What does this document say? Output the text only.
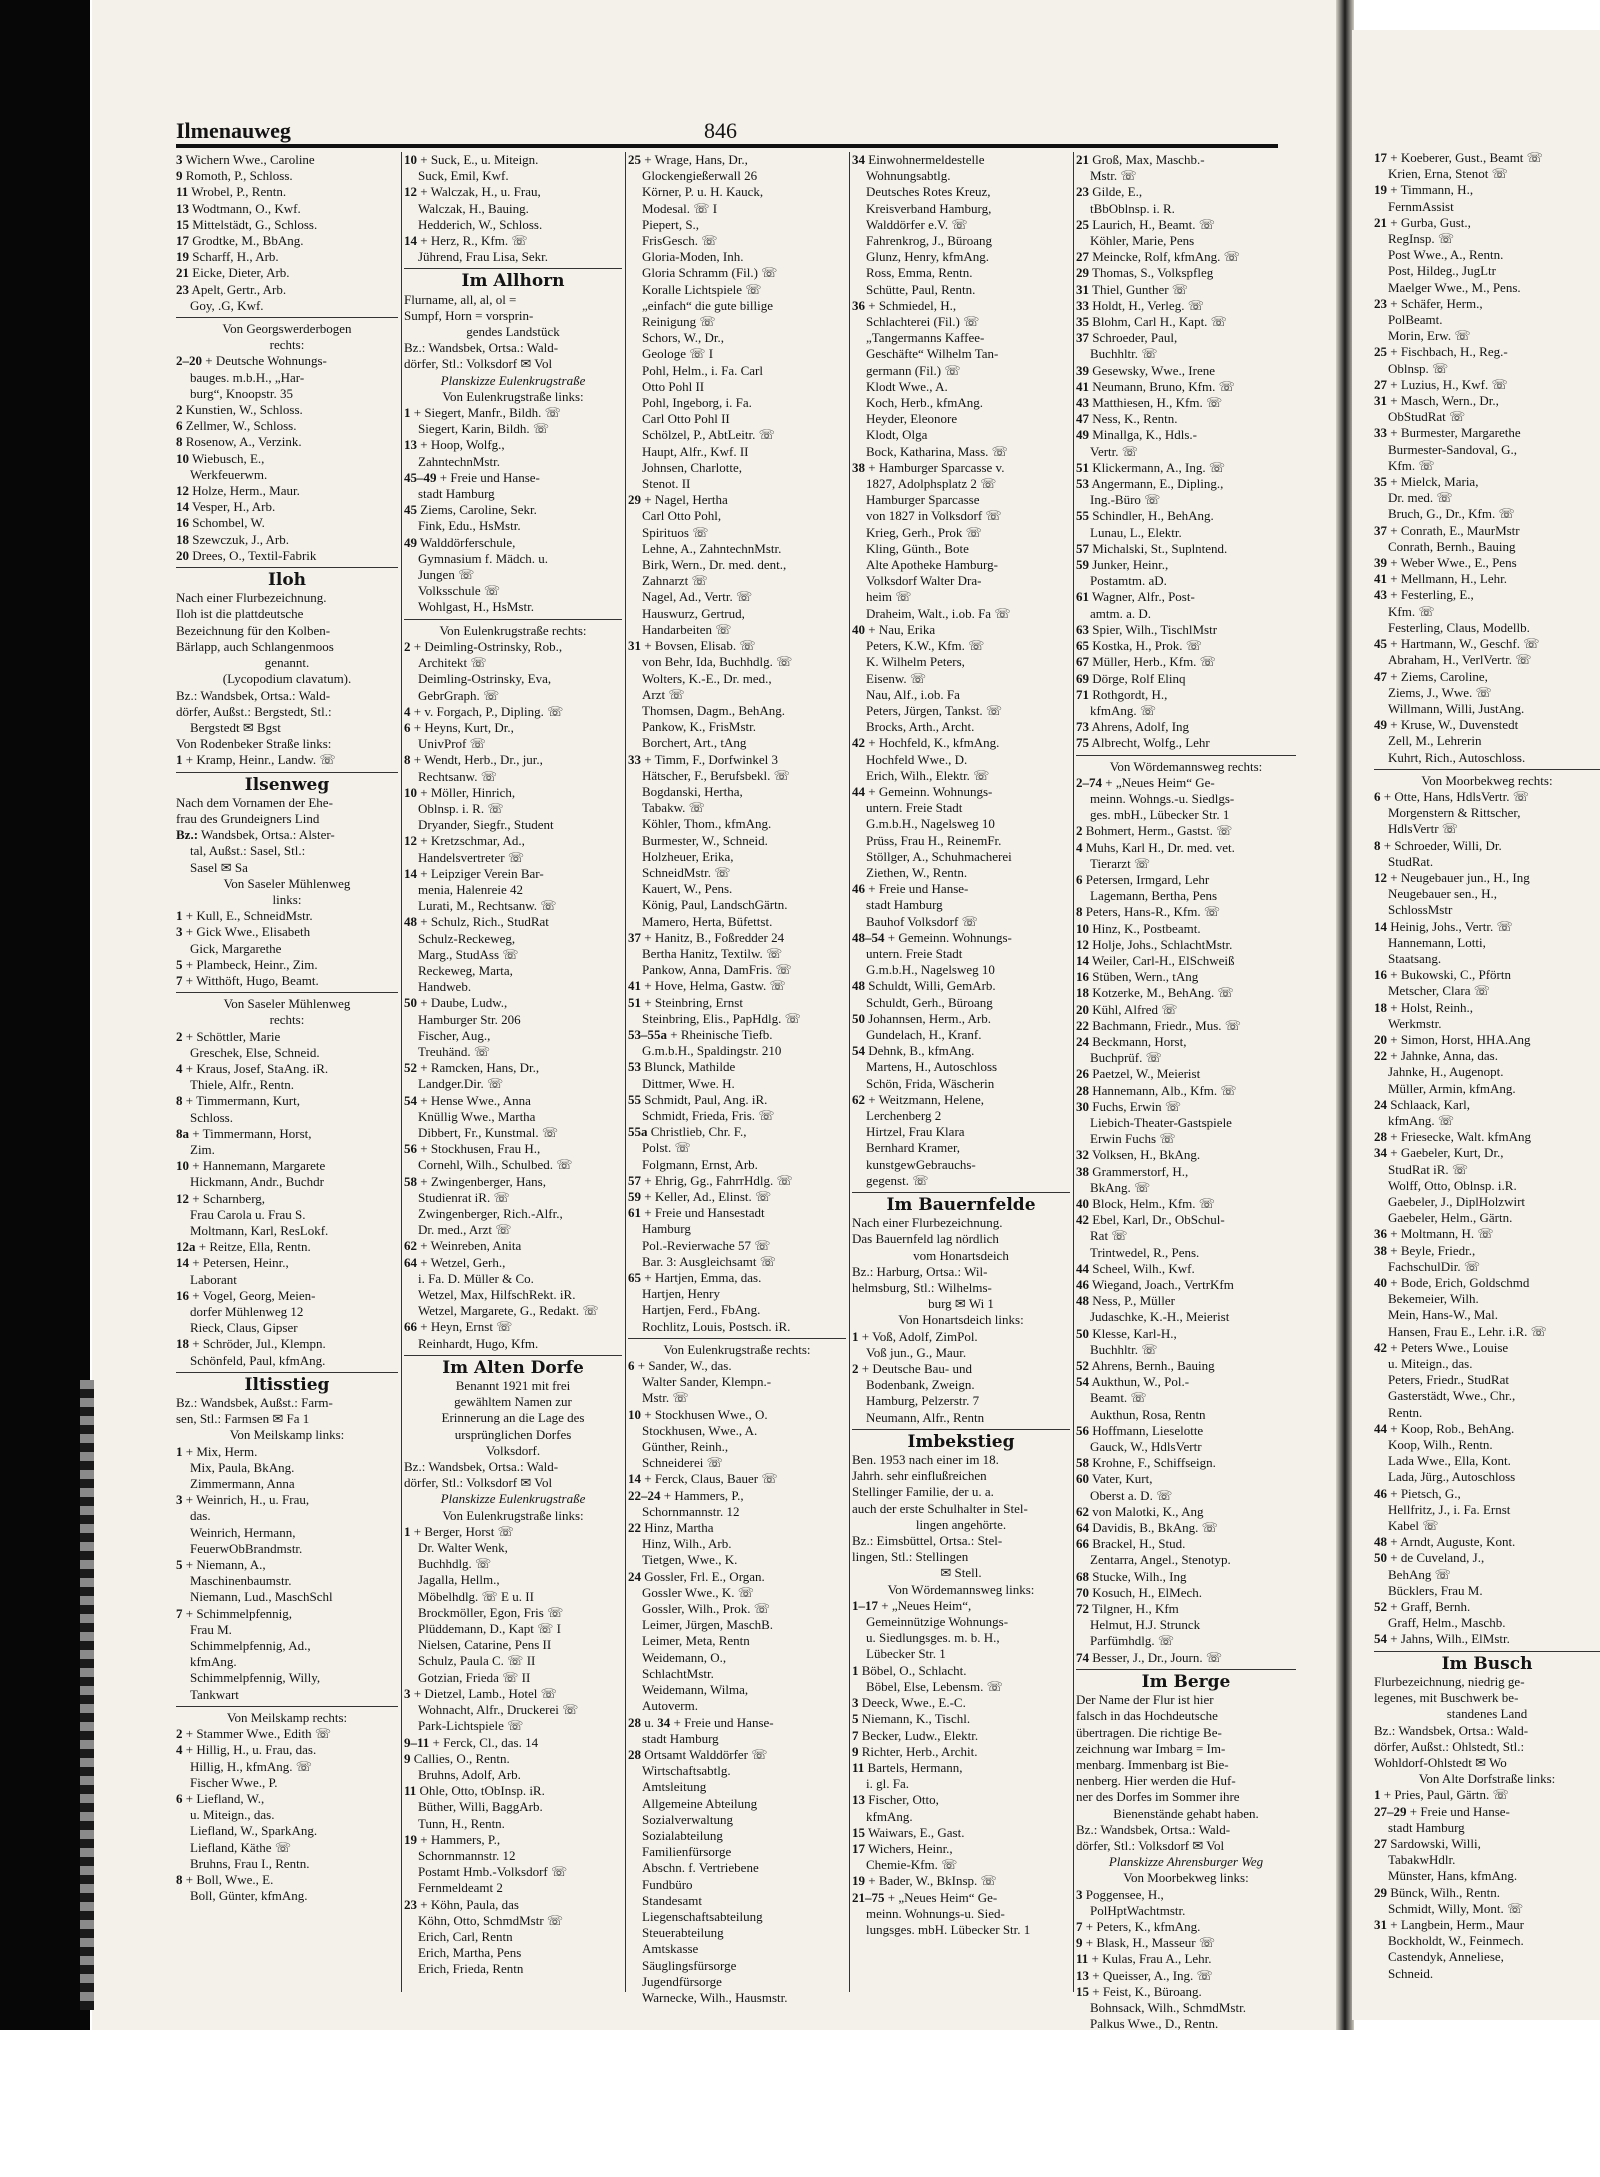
Ilmenauweg	846
3 Wichern Wwe., Caroline
9 Romoth, P., Schloss.
11 Wrobel, P., Rentn.
13 Wodtmann, O., Kwf.
15 Mittelstädt, G., Schloss.
17 Grodtke, M., BbAng.
19 Scharff, H., Arb.
21 Eicke, Dieter, Arb.
23 Apelt, Gertr., Arb.
Goy, .G, Kwf.
Von Georgswerderbogen
rechts:
2–20 + Deutsche Wohnungs-
bauges. m.b.H., „Har-
burg“, Knoopstr. 35
2 Kunstien, W., Schloss.
6 Zellmer, W., Schloss.
8 Rosenow, A., Verzink.
10 Wiebusch, E.,
Werkfeuerwm.
12 Holze, Herm., Maur.
14 Vesper, H., Arb.
16 Schombel, W.
18 Szewczuk, J., Arb.
20 Drees, O., Textil-Fabrik
Iloh
Nach einer Flurbezeichnung.
Iloh ist die plattdeutsche
Bezeichnung für den Kolben-
Bärlapp, auch Schlangenmoos
genannt.
(Lycopodium clavatum).
Bz.: Wandsbek, Ortsa.: Wald-
dörfer, Außst.: Bergstedt, Stl.:
Bergstedt ✉ Bgst
Von Rodenbeker Straße links:
1 + Kramp, Heinr., Landw. ☏
Ilsenweg
Nach dem Vornamen der Ehe-
frau des Grundeigners Lind
Bz.: Wandsbek, Ortsa.: Alster-
tal, Außst.: Sasel, Stl.:
Sasel ✉ Sa
Von Saseler Mühlenweg
links:
1 + Kull, E., SchneidMstr.
3 + Gick Wwe., Elisabeth
Gick, Margarethe
5 + Plambeck, Heinr., Zim.
7 + Witthöft, Hugo, Beamt.
Von Saseler Mühlenweg
rechts:
2 + Schöttler, Marie
Greschek, Else, Schneid.
4 + Kraus, Josef, StaAng. iR.
Thiele, Alfr., Rentn.
8 + Timmermann, Kurt,
Schloss.
8a + Timmermann, Horst,
Zim.
10 + Hannemann, Margarete
Hickmann, Andr., Buchdr
12 + Scharnberg,
Frau Carola u. Frau S.
Moltmann, Karl, ResLokf.
12a + Reitze, Ella, Rentn.
14 + Petersen, Heinr.,
Laborant
16 + Vogel, Georg, Meien-
dorfer Mühlenweg 12
Rieck, Claus, Gipser
18 + Schröder, Jul., Klempn.
Schönfeld, Paul, kfmAng.
Iltisstieg
Bz.: Wandsbek, Außst.: Farm-
sen, Stl.: Farmsen ✉ Fa 1
Von Meilskamp links:
1 + Mix, Herm.
Mix, Paula, BkAng.
Zimmermann, Anna
3 + Weinrich, H., u. Frau,
das.
Weinrich, Hermann,
FeuerwObBrandmstr.
5 + Niemann, A.,
Maschinenbaumstr.
Niemann, Lud., MaschSchl
7 + Schimmelpfennig,
Frau M.
Schimmelpfennig, Ad.,
kfmAng.
Schimmelpfennig, Willy,
Tankwart
Von Meilskamp rechts:
2 + Stammer Wwe., Edith ☏
4 + Hillig, H., u. Frau, das.
Hillig, H., kfmAng. ☏
Fischer Wwe., P.
6 + Liefland, W.,
u. Miteign., das.
Liefland, W., SparkAng.
Liefland, Käthe ☏
Bruhns, Frau I., Rentn.
8 + Boll, Wwe., E.
Boll, Günter, kfmAng.
10 + Suck, E., u. Miteign.
Suck, Emil, Kwf.
12 + Walczak, H., u. Frau,
Walczak, H., Bauing.
Hedderich, W., Schloss.
14 + Herz, R., Kfm. ☏
Jührend, Frau Lisa, Sekr.
Im Allhorn
Flurname, all, al, ol =
Sumpf, Horn = vorsprin-
gendes Landstück
Bz.: Wandsbek, Ortsa.: Wald-
dörfer, Stl.: Volksdorf ✉ Vol
Planskizze Eulenkrugstraße
Von Eulenkrugstraße links:
1 + Siegert, Manfr., Bildh. ☏
Siegert, Karin, Bildh. ☏
13 + Hoop, Wolfg.,
ZahntechnMstr.
45–49 + Freie und Hanse-
stadt Hamburg
45 Ziems, Caroline, Sekr.
Fink, Edu., HsMstr.
49 Walddörferschule,
Gymnasium f. Mädch. u.
Jungen ☏
Volksschule ☏
Wohlgast, H., HsMstr.
Von Eulenkrugstraße rechts:
2 + Deimling-Ostrinsky, Rob.,
Architekt ☏
Deimling-Ostrinsky, Eva,
GebrGraph. ☏
4 + v. Forgach, P., Dipling. ☏
6 + Heyns, Kurt, Dr.,
UnivProf ☏
8 + Wendt, Herb., Dr., jur.,
Rechtsanw. ☏
10 + Möller, Hinrich,
Oblnsp. i. R. ☏
Dryander, Siegfr., Student
12 + Kretzschmar, Ad.,
Handelsvertreter ☏
14 + Leipziger Verein Bar-
menia, Halenreie 42
Lurati, M., Rechtsanw. ☏
48 + Schulz, Rich., StudRat
Schulz-Reckeweg,
Marg., StudAss ☏
Reckeweg, Marta,
Handweb.
50 + Daube, Ludw.,
Hamburger Str. 206
Fischer, Aug.,
Treuhänd. ☏
52 + Ramcken, Hans, Dr.,
Landger.Dir. ☏
54 + Hense Wwe., Anna
Knüllig Wwe., Martha
Dibbert, Fr., Kunstmal. ☏
56 + Stockhusen, Frau H.,
Cornehl, Wilh., Schulbed. ☏
58 + Zwingenberger, Hans,
Studienrat iR. ☏
Zwingenberger, Rich.-Alfr.,
Dr. med., Arzt ☏
62 + Weinreben, Anita
64 + Wetzel, Gerh.,
i. Fa. D. Müller & Co.
Wetzel, Max, HilfschRekt. iR.
Wetzel, Margarete, G., Redakt. ☏
66 + Heyn, Ernst ☏
Reinhardt, Hugo, Kfm.
Im Alten Dorfe
Benannt 1921 mit frei
gewähltem Namen zur
Erinnerung an die Lage des
ursprünglichen Dorfes
Volksdorf.
Bz.: Wandsbek, Ortsa.: Wald-
dörfer, Stl.: Volksdorf ✉ Vol
Planskizze Eulenkrugstraße
Von Eulenkrugstraße links:
1 + Berger, Horst ☏
Dr. Walter Wenk,
Buchhdlg. ☏
Jagalla, Hellm.,
Möbelhdlg. ☏ E u. II
Brockmöller, Egon, Fris ☏
Plüddemann, D., Kapt ☏ I
Nielsen, Catarine, Pens II
Schulz, Paula C. ☏ II
Gotzian, Frieda ☏ II
3 + Dietzel, Lamb., Hotel ☏
Wohnacht, Alfr., Druckerei ☏
Park-Lichtspiele ☏
9–11 + Ferck, Cl., das. 14
9 Callies, O., Rentn.
Bruhns, Adolf, Arb.
11 Ohle, Otto, tObInsp. iR.
Büther, Willi, BaggArb.
Tunn, H., Rentn.
19 + Hammers, P.,
Schornmannstr. 12
Postamt Hmb.-Volksdorf ☏
Fernmeldeamt 2
23 + Köhn, Paula, das
Köhn, Otto, SchmdMstr ☏
Erich, Carl, Rentn
Erich, Martha, Pens
Erich, Frieda, Rentn
25 + Wrage, Hans, Dr.,
Glockengießerwall 26
Körner, P. u. H. Kauck,
Modesal. ☏ I
Piepert, S.,
FrisGesch. ☏
Gloria-Moden, Inh.
Gloria Schramm (Fil.) ☏
Koralle Lichtspiele ☏
„einfach“ die gute billige
Reinigung ☏
Schors, W., Dr.,
Geologe ☏ I
Pohl, Helm., i. Fa. Carl
Otto Pohl II
Pohl, Ingeborg, i. Fa.
Carl Otto Pohl II
Schölzel, P., AbtLeitr. ☏
Haupt, Alfr., Kwf. II
Johnsen, Charlotte,
Stenot. II
29 + Nagel, Hertha
Carl Otto Pohl,
Spirituos ☏
Lehne, A., ZahntechnMstr.
Birk, Wern., Dr. med. dent.,
Zahnarzt ☏
Nagel, Ad., Vertr. ☏
Hauswurz, Gertrud,
Handarbeiten ☏
31 + Bovsen, Elisab. ☏
von Behr, Ida, Buchhdlg. ☏
Wolters, K.-E., Dr. med.,
Arzt ☏
Thomsen, Dagm., BehAng.
Pankow, K., FrisMstr.
Borchert, Art., tAng
33 + Timm, F., Dorfwinkel 3
Hätscher, F., Berufsbekl. ☏
Bogdanski, Hertha,
Tabakw. ☏
Köhler, Thom., kfmAng.
Burmester, W., Schneid.
Holzheuer, Erika,
SchneidMstr. ☏
Kauert, W., Pens.
König, Paul, LandschGärtn.
Mamero, Herta, Büfettst.
37 + Hanitz, B., Foßredder 24
Bertha Hanitz, Textilw. ☏
Pankow, Anna, DamFris. ☏
41 + Hove, Helma, Gastw. ☏
51 + Steinbring, Ernst
Steinbring, Elis., PapHdlg. ☏
53–55a + Rheinische Tiefb.
G.m.b.H., Spaldingstr. 210
53 Blunck, Mathilde
Dittmer, Wwe. H.
55 Schmidt, Paul, Ang. iR.
Schmidt, Frieda, Fris. ☏
55a Christlieb, Chr. F.,
Polst. ☏
Folgmann, Ernst, Arb.
57 + Ehrig, Gg., FahrrHdlg. ☏
59 + Keller, Ad., Elinst. ☏
61 + Freie und Hansestadt
Hamburg
Pol.-Revierwache 57 ☏
Bar. 3: Ausgleichsamt ☏
65 + Hartjen, Emma, das.
Hartjen, Henry
Hartjen, Ferd., FbAng.
Rochlitz, Louis, Postsch. iR.
Von Eulenkrugstraße rechts:
6 + Sander, W., das.
Walter Sander, Klempn.-
Mstr. ☏
10 + Stockhusen Wwe., O.
Stockhusen, Wwe., A.
Günther, Reinh.,
Schneiderei ☏
14 + Ferck, Claus, Bauer ☏
22–24 + Hammers, P.,
Schornmannstr. 12
22 Hinz, Martha
Hinz, Wilh., Arb.
Tietgen, Wwe., K.
24 Gossler, Frl. E., Organ.
Gossler Wwe., K. ☏
Gossler, Wilh., Prok. ☏
Leimer, Jürgen, MaschB.
Leimer, Meta, Rentn
Weidemann, O.,
SchlachtMstr.
Weidemann, Wilma,
Autoverm.
28 u. 34 + Freie und Hanse-
stadt Hamburg
28 Ortsamt Walddörfer ☏
Wirtschaftsabtlg.
Amtsleitung
Allgemeine Abteilung
Sozialverwaltung
Sozialabteilung
Familienfürsorge
Abschn. f. Vertriebene
Fundbüro
Standesamt
Liegenschaftsabteilung
Steuerabteilung
Amtskasse
Säuglingsfürsorge
Jugendfürsorge
Warnecke, Wilh., Hausmstr.
34 Einwohnermeldestelle
Wohnungsabtlg.
Deutsches Rotes Kreuz,
Kreisverband Hamburg,
Walddörfer e.V. ☏
Fahrenkrog, J., Büroang
Glunz, Henry, kfmAng.
Ross, Emma, Rentn.
Schütte, Paul, Rentn.
36 + Schmiedel, H.,
Schlachterei (Fil.) ☏
„Tangermanns Kaffee-
Geschäfte“ Wilhelm Tan-
germann (Fil.) ☏
Klodt Wwe., A.
Koch, Herb., kfmAng.
Heyder, Eleonore
Klodt, Olga
Bock, Katharina, Mass. ☏
38 + Hamburger Sparcasse v.
1827, Adolphsplatz 2 ☏
Hamburger Sparcasse
von 1827 in Volksdorf ☏
Krieg, Gerh., Prok ☏
Kling, Günth., Bote
Alte Apotheke Hamburg-
Volksdorf Walter Dra-
heim ☏
Draheim, Walt., i.ob. Fa ☏
40 + Nau, Erika
Peters, K.W., Kfm. ☏
K. Wilhelm Peters,
Eisenw. ☏
Nau, Alf., i.ob. Fa
Peters, Jürgen, Tankst. ☏
Brocks, Arth., Archt.
42 + Hochfeld, K., kfmAng.
Hochfeld Wwe., D.
Erich, Wilh., Elektr. ☏
44 + Gemeinn. Wohnungs-
untern. Freie Stadt
G.m.b.H., Nagelsweg 10
Prüss, Frau H., ReinemFr.
Stöllger, A., Schuhmacherei
Ziethen, W., Rentn.
46 + Freie und Hanse-
stadt Hamburg
Bauhof Volksdorf ☏
48–54 + Gemeinn. Wohnungs-
untern. Freie Stadt
G.m.b.H., Nagelsweg 10
48 Schuldt, Willi, GemArb.
Schuldt, Gerh., Büroang
50 Johannsen, Herm., Arb.
Gundelach, H., Kranf.
54 Dehnk, B., kfmAng.
Martens, H., Autoschloss
Schön, Frida, Wäscherin
62 + Weitzmann, Helene,
Lerchenberg 2
Hirtzel, Frau Klara
Bernhard Kramer,
kunstgewGebrauchs-
gegenst. ☏
Im Bauernfelde
Nach einer Flurbezeichnung.
Das Bauernfeld lag nördlich
vom Honartsdeich
Bz.: Harburg, Ortsa.: Wil-
helmsburg, Stl.: Wilhelms-
burg ✉ Wi 1
Von Honartsdeich links:
1 + Voß, Adolf, ZimPol.
Voß jun., G., Maur.
2 + Deutsche Bau- und
Bodenbank, Zweign.
Hamburg, Pelzerstr. 7
Neumann, Alfr., Rentn
Imbekstieg
Ben. 1953 nach einer im 18.
Jahrh. sehr einflußreichen
Stellinger Familie, der u. a.
auch der erste Schulhalter in Stel-
lingen angehörte.
Bz.: Eimsbüttel, Ortsa.: Stel-
lingen, Stl.: Stellingen
✉ Stell.
Von Wördemannsweg links:
1–17 + „Neues Heim“,
Gemeinnützige Wohnungs-
u. Siedlungsges. m. b. H.,
Lübecker Str. 1
1 Böbel, O., Schlacht.
Böbel, Else, Lebensm. ☏
3 Deeck, Wwe., E.-C.
5 Niemann, K., Tischl.
7 Becker, Ludw., Elektr.
9 Richter, Herb., Archit.
11 Bartels, Hermann,
i. gl. Fa.
13 Fischer, Otto,
kfmAng.
15 Waiwars, E., Gast.
17 Wichers, Heinr.,
Chemie-Kfm. ☏
19 + Bader, W., BkInsp. ☏
21–75 + „Neues Heim“ Ge-
meinn. Wohnungs-u. Sied-
lungsges. mbH. Lübecker Str. 1
21 Groß, Max, Maschb.-
Mstr. ☏
23 Gilde, E.,
tBbOblnsp. i. R.
25 Laurich, H., Beamt. ☏
Köhler, Marie, Pens
27 Meincke, Rolf, kfmAng. ☏
29 Thomas, S., Volkspfleg
31 Thiel, Gunther ☏
33 Holdt, H., Verleg. ☏
35 Blohm, Carl H., Kapt. ☏
37 Schroeder, Paul,
Buchhltr. ☏
39 Gesewsky, Wwe., Irene
41 Neumann, Bruno, Kfm. ☏
43 Matthiesen, H., Kfm. ☏
47 Ness, K., Rentn.
49 Minallga, K., Hdls.-
Vertr. ☏
51 Klickermann, A., Ing. ☏
53 Angermann, E., Dipling.,
Ing.-Büro ☏
55 Schindler, H., BehAng.
Lunau, L., Elektr.
57 Michalski, St., Suplntend.
59 Junker, Heinr.,
Postamtm. aD.
61 Wagner, Alfr., Post-
amtm. a. D.
63 Spier, Wilh., TischlMstr
65 Kostka, H., Prok. ☏
67 Müller, Herb., Kfm. ☏
69 Dörge, Rolf Elinq
71 Rothgordt, H.,
kfmAng. ☏
73 Ahrens, Adolf, Ing
75 Albrecht, Wolfg., Lehr
Von Wördemannsweg rechts:
2–74 + „Neues Heim“ Ge-
meinn. Wohngs.-u. Siedlgs-
ges. mbH., Lübecker Str. 1
2 Bohmert, Herm., Gastst. ☏
4 Muhs, Karl H., Dr. med. vet.
Tierarzt ☏
6 Petersen, Irmgard, Lehr
Lagemann, Bertha, Pens
8 Peters, Hans-R., Kfm. ☏
10 Hinz, K., Postbeamt.
12 Holje, Johs., SchlachtMstr.
14 Weiler, Carl-H., ElSchweiß
16 Stüben, Wern., tAng
18 Kotzerke, M., BehAng. ☏
20 Kühl, Alfred ☏
22 Bachmann, Friedr., Mus. ☏
24 Beckmann, Horst,
Buchprüf. ☏
26 Paetzel, W., Meierist
28 Hannemann, Alb., Kfm. ☏
30 Fuchs, Erwin ☏
Liebich-Theater-Gastspiele
Erwin Fuchs ☏
32 Volksen, H., BkAng.
38 Grammerstorf, H.,
BkAng. ☏
40 Block, Helm., Kfm. ☏
42 Ebel, Karl, Dr., ObSchul-
Rat ☏
Trintwedel, R., Pens.
44 Scheel, Wilh., Kwf.
46 Wiegand, Joach., VertrKfm
48 Ness, P., Müller
Judaschke, K.-H., Meierist
50 Klesse, Karl-H.,
Buchhltr. ☏
52 Ahrens, Bernh., Bauing
54 Aukthun, W., Pol.-
Beamt. ☏
Aukthun, Rosa, Rentn
56 Hoffmann, Lieselotte
Gauck, W., HdlsVertr
58 Krohne, F., Schiffseign.
60 Vater, Kurt,
Oberst a. D. ☏
62 von Malotki, K., Ang
64 Davidis, B., BkAng. ☏
66 Brackel, H., Stud.
Zentarra, Angel., Stenotyp.
68 Stucke, Wilh., Ing
70 Kosuch, H., ElMech.
72 Tilgner, H., Kfm
Helmut, H.J. Strunck
Parfümhdlg. ☏
74 Besser, J., Dr., Journ. ☏
Im Berge
Der Name der Flur ist hier
falsch in das Hochdeutsche
übertragen. Die richtige Be-
zeichnung war Imbarg = Im-
menbarg. Immenbarg ist Bie-
nenberg. Hier werden die Huf-
ner des Dorfes im Sommer ihre
Bienenstände gehabt haben.
Bz.: Wandsbek, Ortsa.: Wald-
dörfer, Stl.: Volksdorf ✉ Vol
Planskizze Ahrensburger Weg
Von Moorbekweg links:
3 Poggensee, H.,
PolHptWachtmstr.
7 + Peters, K., kfmAng.
9 + Blask, H., Masseur ☏
11 + Kulas, Frau A., Lehr.
13 + Queisser, A., Ing. ☏
15 + Feist, K., Büroang.
Bohnsack, Wilh., SchmdMstr.
Palkus Wwe., D., Rentn.
17 + Koeberer, Gust., Beamt ☏
Krien, Erna, Stenot ☏
19 + Timmann, H.,
FernmAssist
21 + Gurba, Gust.,
RegInsp. ☏
Post Wwe., A., Rentn.
Post, Hildeg., JugLtr
Maelger Wwe., M., Pens.
23 + Schäfer, Herm.,
PolBeamt.
Morin, Erw. ☏
25 + Fischbach, H., Reg.-
Oblnsp. ☏
27 + Luzius, H., Kwf. ☏
31 + Masch, Wern., Dr.,
ObStudRat ☏
33 + Burmester, Margarethe
Burmester-Sandoval, G.,
Kfm. ☏
35 + Mielck, Maria,
Dr. med. ☏
Bruch, G., Dr., Kfm. ☏
37 + Conrath, E., MaurMstr
Conrath, Bernh., Bauing
39 + Weber Wwe., E., Pens
41 + Mellmann, H., Lehr.
43 + Festerling, E.,
Kfm. ☏
Festerling, Claus, Modellb.
45 + Hartmann, W., Geschf. ☏
Abraham, H., VerlVertr. ☏
47 + Ziems, Caroline,
Ziems, J., Wwe. ☏
Willmann, Willi, JustAng.
49 + Kruse, W., Duvenstedt
Zell, M., Lehrerin
Kuhrt, Rich., Autoschloss.
Von Moorbekweg rechts:
6 + Otte, Hans, HdlsVertr. ☏
Morgenstern & Rittscher,
HdlsVertr ☏
8 + Schroeder, Willi, Dr.
StudRat.
12 + Neugebauer jun., H., Ing
Neugebauer sen., H.,
SchlossMstr
14 Heinig, Johs., Vertr. ☏
Hannemann, Lotti,
Staatsang.
16 + Bukowski, C., Pförtn
Metscher, Clara ☏
18 + Holst, Reinh.,
Werkmstr.
20 + Simon, Horst, HHA.Ang
22 + Jahnke, Anna, das.
Jahnke, H., Augenopt.
Müller, Armin, kfmAng.
24 Schlaack, Karl,
kfmAng. ☏
28 + Friesecke, Walt. kfmAng
34 + Gaebeler, Kurt, Dr.,
StudRat iR. ☏
Wolff, Otto, Oblnsp. i.R.
Gaebeler, J., DiplHolzwirt
Gaebeler, Helm., Gärtn.
36 + Moltmann, H. ☏
38 + Beyle, Friedr.,
FachschulDir. ☏
40 + Bode, Erich, Goldschmd
Bekemeier, Wilh.
Mein, Hans-W., Mal.
Hansen, Frau E., Lehr. i.R. ☏
42 + Peters Wwe., Louise
u. Miteign., das.
Peters, Friedr., StudRat
Gasterstädt, Wwe., Chr.,
Rentn.
44 + Koop, Rob., BehAng.
Koop, Wilh., Rentn.
Lada Wwe., Ella, Kont.
Lada, Jürg., Autoschloss
46 + Pietsch, G.,
Hellfritz, J., i. Fa. Ernst
Kabel ☏
48 + Arndt, Auguste, Kont.
50 + de Cuveland, J.,
BehAng ☏
Bücklers, Frau M.
52 + Graff, Bernh.
Graff, Helm., Maschb.
54 + Jahns, Wilh., ElMstr.
Im Busch
Flurbezeichnung, niedrig ge-
legenes, mit Buschwerk be-
standenes Land
Bz.: Wandsbek, Ortsa.: Wald-
dörfer, Außst.: Ohlstedt, Stl.:
Wohldorf-Ohlstedt ✉ Wo
Von Alte Dorfstraße links:
1 + Pries, Paul, Gärtn. ☏
27–29 + Freie und Hanse-
stadt Hamburg
27 Sardowski, Willi,
TabakwHdlr.
Münster, Hans, kfmAng.
29 Bünck, Wilh., Rentn.
Schmidt, Willy, Mont. ☏
31 + Langbein, Herm., Maur
Bockholdt, W., Feinmech.
Castendyk, Anneliese,
Schneid.
